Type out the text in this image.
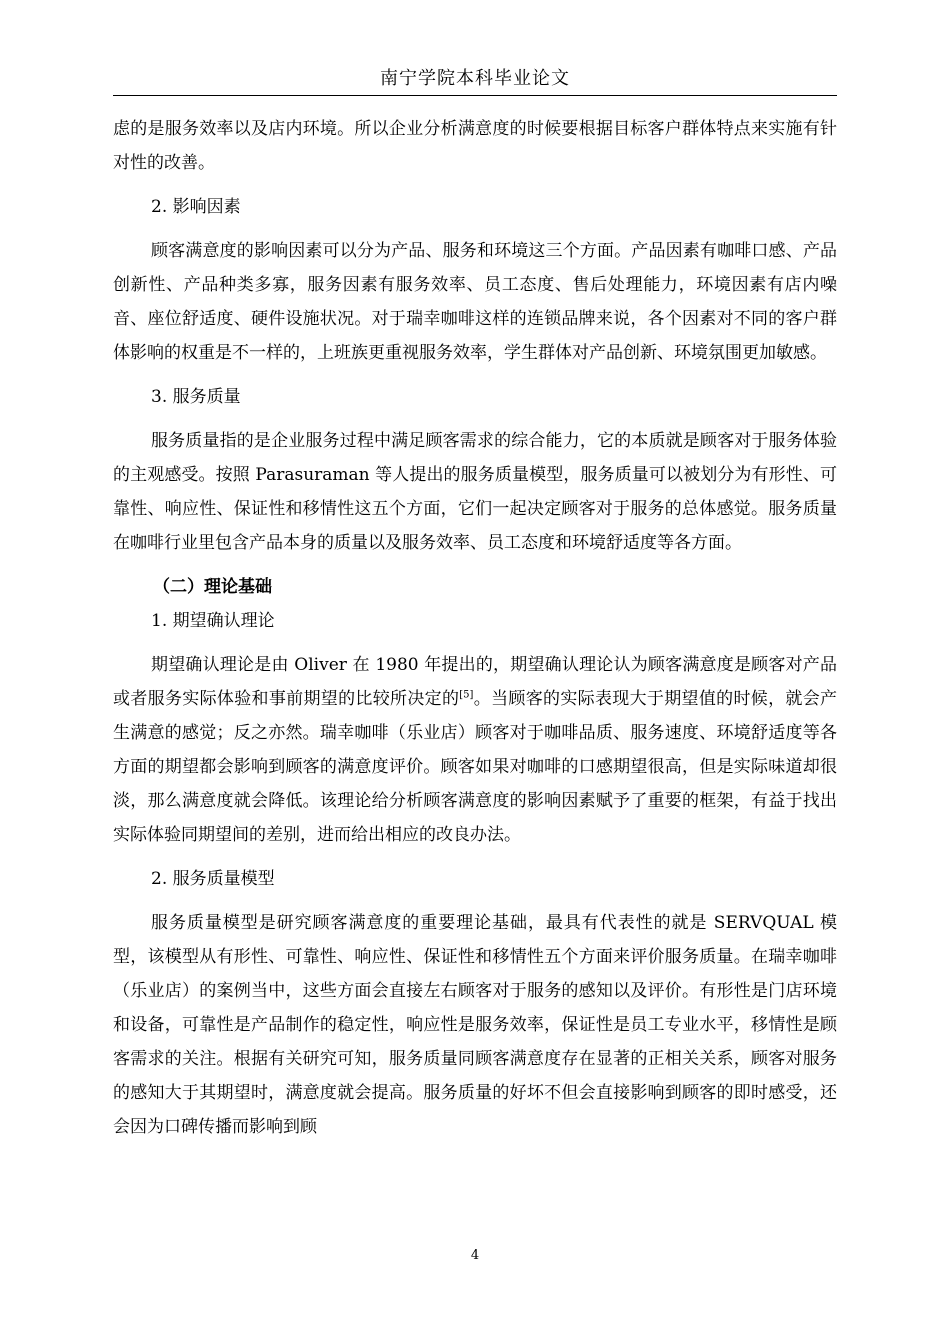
南宁学院本科毕业论文

虑的是服务效率以及店内环境。所以企业分析满意度的时候要根据目标客户群体特点来实施有针对性的改善。

2. 影响因素

顾客满意度的影响因素可以分为产品、服务和环境这三个方面。产品因素有咖啡口感、产品创新性、产品种类多寡，服务因素有服务效率、员工态度、售后处理能力，环境因素有店内噪音、座位舒适度、硬件设施状况。对于瑞幸咖啡这样的连锁品牌来说，各个因素对不同的客户群体影响的权重是不一样的，上班族更重视服务效率，学生群体对产品创新、环境氛围更加敏感。

3. 服务质量

服务质量指的是企业服务过程中满足顾客需求的综合能力，它的本质就是顾客对于服务体验的主观感受。按照 Parasuraman 等人提出的服务质量模型，服务质量可以被划分为有形性、可靠性、响应性、保证性和移情性这五个方面，它们一起决定顾客对于服务的总体感觉。服务质量在咖啡行业里包含产品本身的质量以及服务效率、员工态度和环境舒适度等各方面。

（二）理论基础

1. 期望确认理论

期望确认理论是由 Oliver 在 1980 年提出的，期望确认理论认为顾客满意度是顾客对产品或者服务实际体验和事前期望的比较所决定的[5]。当顾客的实际表现大于期望值的时候，就会产生满意的感觉；反之亦然。瑞幸咖啡（乐业店）顾客对于咖啡品质、服务速度、环境舒适度等各方面的期望都会影响到顾客的满意度评价。顾客如果对咖啡的口感期望很高，但是实际味道却很淡，那么满意度就会降低。该理论给分析顾客满意度的影响因素赋予了重要的框架，有益于找出实际体验同期望间的差别，进而给出相应的改良办法。

2. 服务质量模型

服务质量模型是研究顾客满意度的重要理论基础，最具有代表性的就是 SERVQUAL 模型，该模型从有形性、可靠性、响应性、保证性和移情性五个方面来评价服务质量。在瑞幸咖啡（乐业店）的案例当中，这些方面会直接左右顾客对于服务的感知以及评价。有形性是门店环境和设备，可靠性是产品制作的稳定性，响应性是服务效率，保证性是员工专业水平，移情性是顾客需求的关注。根据有关研究可知，服务质量同顾客满意度存在显著的正相关关系，顾客对服务的感知大于其期望时，满意度就会提高。服务质量的好坏不但会直接影响到顾客的即时感受，还会因为口碑传播而影响到顾

4
